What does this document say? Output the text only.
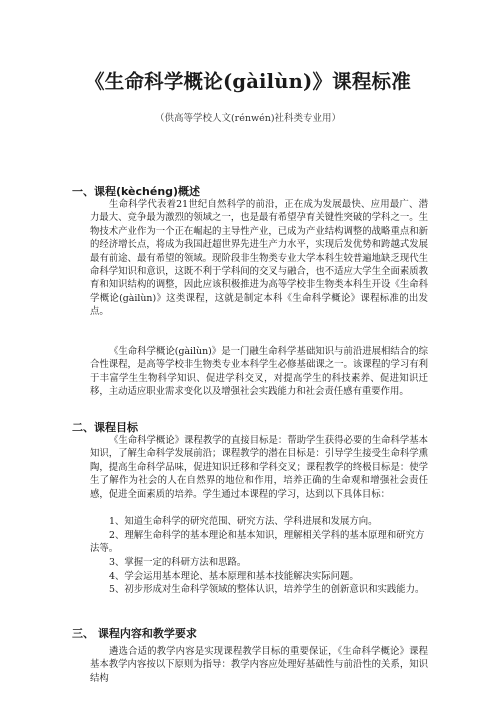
《生命科学概论(gàilùn)》课程标准
（供高等学校人文(rénwén)社科类专业用）
一、课程(kèchéng)概述
生命科学代表着21世纪自然科学的前沿，正在成为发展最快、应用最广、潜力最大、竞争最为激烈的领域之一，也是最有希望孕育关键性突破的学科之一。生物技术产业作为一个正在崛起的主导性产业，已成为产业结构调整的战略重点和新的经济增长点，将成为我国赶超世界先进生产力水平，实现后发优势和跨越式发展最有前途、最有希望的领域。现阶段非生物类专业大学本科生较普遍地缺乏现代生命科学知识和意识，这既不利于学科间的交叉与融合，也不适应大学生全面素质教育和知识结构的调整，因此应该积极推进为高等学校非生物类本科生开设《生命科学概论(gàilùn)》这类课程，这就是制定本科《生命科学概论》课程标准的出发点。
《生命科学概论(gàilùn)》是一门融生命科学基础知识与前沿进展相结合的综合性课程，是高等学校非生物类专业本科学生必修基础课之一。该课程的学习有利于丰富学生生物科学知识、促进学科交叉，对提高学生的科技素养、促进知识迁移，主动适应职业需求变化以及增强社会实践能力和社会责任感有重要作用。
二、课程目标
《生命科学概论》课程教学的直接目标是：帮助学生获得必要的生命科学基本知识，了解生命科学发展前沿；课程教学的潜在目标是：引导学生接受生命科学熏陶，提高生命科学品味，促进知识迁移和学科交叉；课程教学的终极目标是：使学生了解作为社会的人在自然界的地位和作用，培养正确的生命观和增强社会责任感，促进全面素质的培养。学生通过本课程的学习，达到以下具体目标：
1、知道生命科学的研究范围、研究方法、学科进展和发展方向。
2、理解生命科学的基本理论和基本知识，理解相关学科的基本原理和研究方法等。
3、掌握一定的科研方法和思路。
4、学会运用基本理论、基本原理和基本技能解决实际问题。
5、初步形成对生命科学领域的整体认识，培养学生的创新意识和实践能力。
三、 课程内容和教学要求
遴选合适的教学内容是实现课程教学目标的重要保证，《生命科学概论》课程基本教学内容按以下原则为指导：教学内容应处理好基础性与前沿性的关系，知识结构
